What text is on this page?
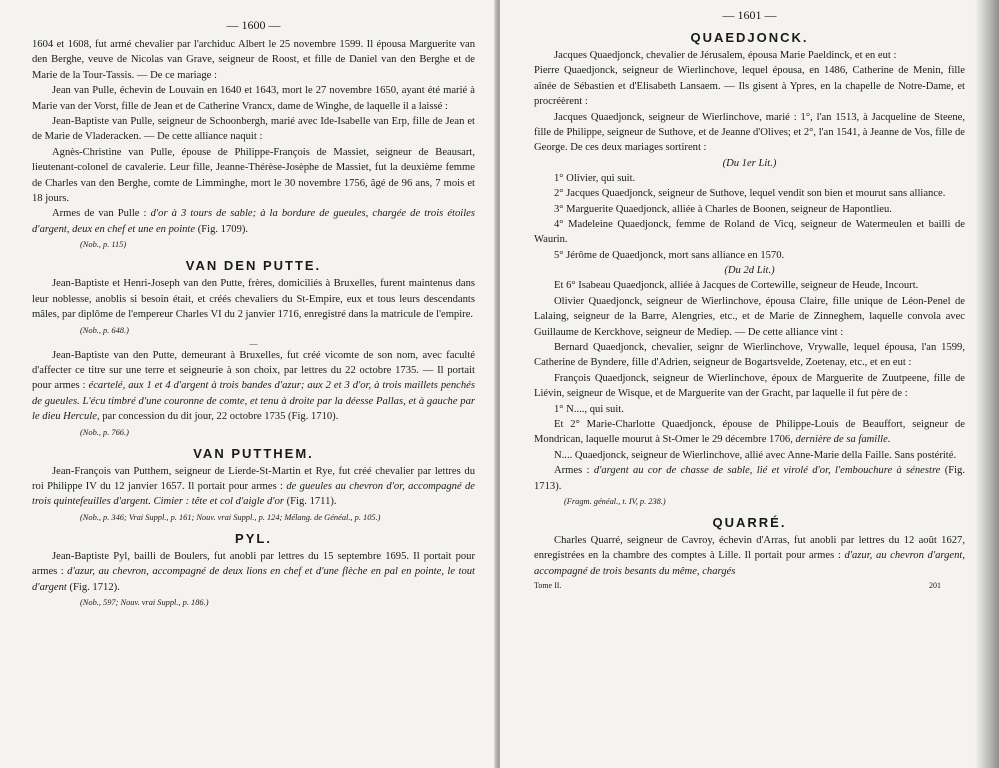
— 1600 —

1604 et 1608, fut armé chevalier par l'archiduc Albert le 25 novembre 1599. Il épousa Marguerite van den Berghe, veuve de Nicolas van Grave, seigneur de Roost, et fille de Daniel van den Berghe et de Marie de la Tour-Tassis. — De ce mariage :

Jean van Pulle, échevin de Louvain en 1640 et 1643, mort le 27 novembre 1650, ayant été marié à Marie van der Vorst, fille de Jean et de Catherine Vrancx, dame de Winghe, de laquelle il a laissé :

Jean-Baptiste van Pulle, seigneur de Schoonbergh, marié avec Ide-Isabelle van Erp, fille de Jean et de Marie de Vladeracken. — De cette alliance naquit :

Agnès-Christine van Pulle, épouse de Philippe-François de Massiet, seigneur de Beausart, lieutenant-colonel de cavalerie. Leur fille, Jeanne-Thérèse-Josèphe de Massiet, fut la deuxième femme de Charles van den Berghe, comte de Limminghe, mort le 30 novembre 1756, âgé de 96 ans, 7 mois et 18 jours.

Armes de van Pulle : d'or à 3 tours de sable; à la bordure de gueules, chargée de trois étoiles d'argent, deux en chef et une en pointe (Fig. 1709).

(Nob., p. 115)
VAN DEN PUTTE.

Jean-Baptiste et Henri-Joseph van den Putte, frères, domiciliés à Bruxelles, furent maintenus dans leur noblesse, anoblis si besoin était, et créés chevaliers du St-Empire, eux et tous leurs descendants mâles, par diplôme de l'empereur Charles VI du 2 janvier 1716, enregistré dans la matricule de l'empire.

(Nob., p. 648.)
—

Jean-Baptiste van den Putte, demeurant à Bruxelles, fut créé vicomte de son nom, avec faculté d'affecter ce titre sur une terre et seigneurie à son choix, par lettres du 22 octobre 1735. — Il portait pour armes : écartelé, aux 1 et 4 d'argent à trois bandes d'azur; aux 2 et 3 d'or, à trois maillets penchés de gueules. L'écu timbré d'une couronne de comte, et tenu à droite par la déesse Pallas, et à gauche par le dieu Hercule, par concession du dit jour, 22 octobre 1735 (Fig. 1710).

(Nob., p. 766.)
VAN PUTTHEM.

Jean-François van Putthem, seigneur de Lierde-St-Martin et Rye, fut créé chevalier par lettres du roi Philippe IV du 12 janvier 1657. Il portait pour armes : de gueules au chevron d'or, accompagné de trois quintefeuilles d'argent. Cimier : tête et col d'aigle d'or (Fig. 1711).

(Nob., p. 346; Vrai Suppl., p. 161; Nouv. vrai Suppl., p. 124; Mélang. de Généal., p. 105.)
PYL.

Jean-Baptiste Pyl, bailli de Boulers, fut anobli par lettres du 15 septembre 1695. Il portait pour armes : d'azur, au chevron, accompagné de deux lions en chef et d'une flèche en pal en pointe, le tout d'argent (Fig. 1712).

(Nob., 597; Nouv. vrai Suppl., p. 186.)
— 1601 —
QUAEDJONCK.

Jacques Quaedjonck, chevalier de Jérusalem, épousa Marie Paeldinck, et en eut :

Pierre Quaedjonck, seigneur de Wierlinchove, lequel épousa, en 1486, Catherine de Menin, fille aînée de Sébastien et d'Elisabeth Lansaem. — Ils gisent à Ypres, en la chapelle de Notre-Dame, et procréèrent :

Jacques Quaedjonck, seigneur de Wierlinchove, marié : 1°, l'an 1513, à Jacqueline de Steene, fille de Philippe, seigneur de Suthove, et de Jeanne d'Olives; et 2°, l'an 1541, à Jeanne de Vos, fille de George. De ces deux mariages sortirent :

(Du 1er Lit.)

1° Olivier, qui suit.

2° Jacques Quaedjonck, seigneur de Suthove, lequel vendit son bien et mourut sans alliance.

3° Marguerite Quaedjonck, alliée à Charles de Boonen, seigneur de Hapontlieu.

4° Madeleine Quaedjonck, femme de Roland de Vicq, seigneur de Watermeulen et bailli de Waurin.

5° Jérôme de Quaedjonck, mort sans alliance en 1570.

(Du 2d Lit.)

Et 6° Isabeau Quaedjonck, alliée à Jacques de Cortewille, seigneur de Heude, Incourt.

Olivier Quaedjonck, seigneur de Wierlinchove, épousa Claire, fille unique de Léon-Penel de Lalaing, seigneur de la Barre, Alengries, etc., et de Marie de Zinneghem, laquelle convola avec Guillaume de Kerckhove, seigneur de Mediep. — De cette alliance vint :

Bernard Quaedjonck, chevalier, seignr de Wierlinchove, Vrywalle, lequel épousa, l'an 1599, Catherine de Byndere, fille d'Adrien, seigneur de Bogartsvelde, Zoetenay, etc., et en eut :

François Quaedjonck, seigneur de Wierlinchove, époux de Marguerite de Zuutpeene, fille de Liévin, seigneur de Wisque, et de Marguerite van der Gracht, par laquelle il fut père de :

1° N...., qui suit.

Et 2° Marie-Charlotte Quaedjonck, épouse de Philippe-Louis de Beauffort, seigneur de Mondrican, laquelle mourut à St-Omer le 29 décembre 1706, dernière de sa famille.

N.... Quaedjonck, seigneur de Wierlinchove, allié avec Anne-Marie della Faille. Sans postérité.

Armes : d'argent au cor de chasse de sable, lié et virolé d'or, l'embouchure à sénestre (Fig. 1713).

(Fragm. généal., t. IV, p. 238.)
QUARRÉ.

Charles Quarré, seigneur de Cavroy, échevin d'Arras, fut anobli par lettres du 12 août 1627, enregistrées en la chambre des comptes à Lille. Il portait pour armes : d'azur, au chevron d'argent, accompagné de trois besants du même, chargés

Tome II.	201
